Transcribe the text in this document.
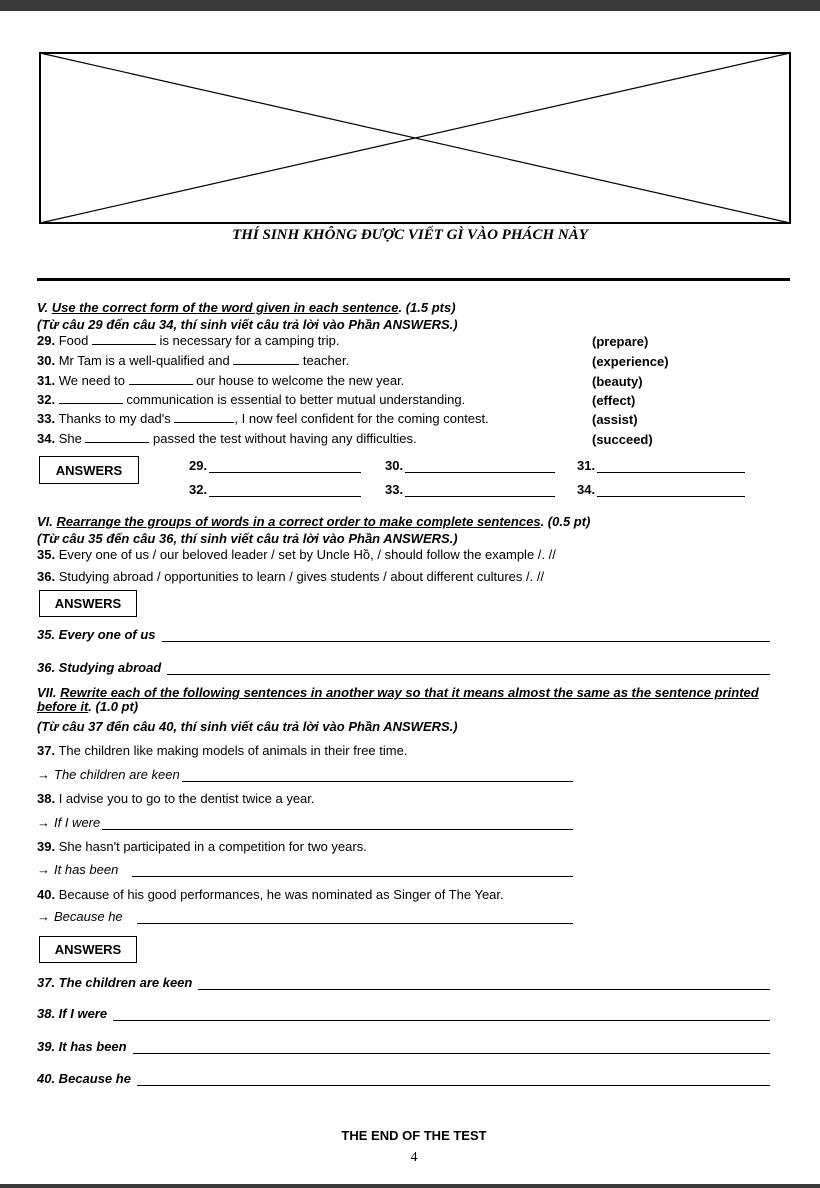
THÍ SINH KHÔNG ĐƯỢC VIẾT GÌ VÀO PHÁCH NÀY
V. Use the correct form of the word given in each sentence. (1.5 pts)
(Từ câu 29 đến câu 34, thí sinh viết câu trả lời vào Phần ANSWERS.)
29. Food	is necessary for a camping trip.	(prepare)
30. Mr Tam is a well-qualified and	teacher.	(experience)
31. We need to	our house to welcome the new year.	(beauty)
32.	communication is essential to better mutual understanding.	(effect)
33. Thanks to my dad's	, I now feel confident for the coming contest.	(assist)
34. She	passed the test without having any difficulties.	(succeed)
ANSWERS	29.	30.	31.
32.	33.	34.
VI. Rearrange the groups of words in a correct order to make complete sentences. (0.5 pt)
(Từ câu 35 đến câu 36, thí sinh viết câu trả lời vào Phần ANSWERS.)
35. Every one of us / our beloved leader / set by Uncle Hồ, / should follow the example /. //
36. Studying abroad / opportunities to learn / gives students / about different cultures /. //
ANSWERS
35. Every one of us
36. Studying abroad
VII. Rewrite each of the following sentences in another way so that it means almost the same as the sentence printed before it. (1.0 pt)
(Từ câu 37 đến câu 40, thí sinh viết câu trả lời vào Phần ANSWERS.)
37. The children like making models of animals in their free time.
→ The children are keen
38. I advise you to go to the dentist twice a year.
→ If I were
39. She hasn't participated in a competition for two years.
→ It has been
40. Because of his good performances, he was nominated as Singer of The Year.
→ Because he
ANSWERS
37. The children are keen
38. If I were
39. It has been
40. Because he
THE END OF THE TEST
4
